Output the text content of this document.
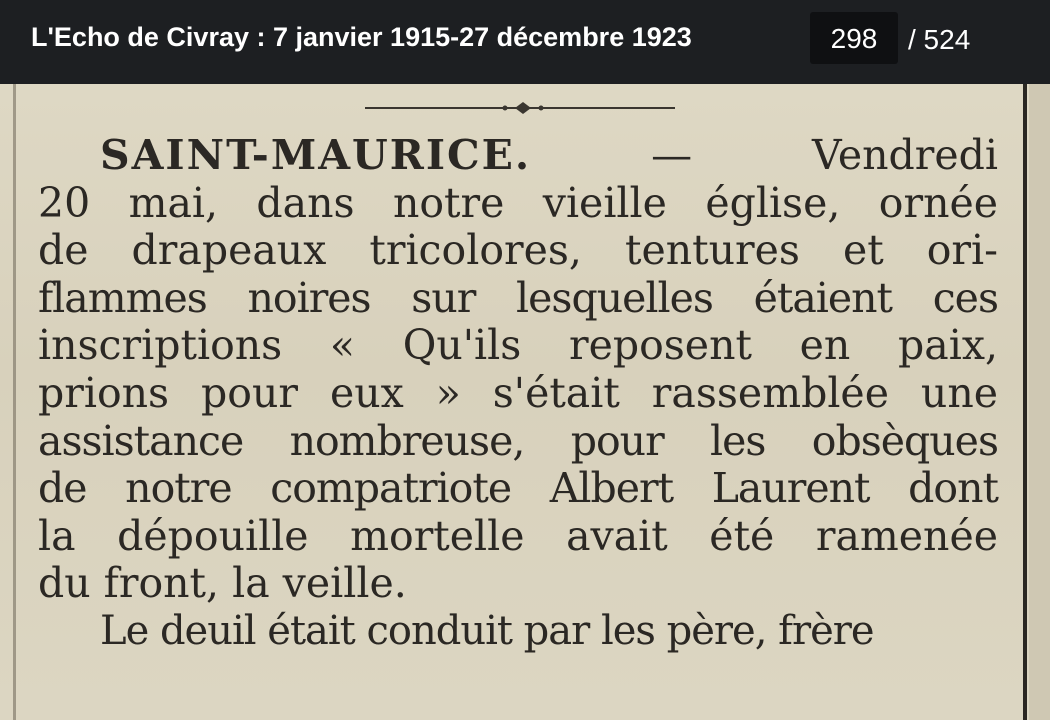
L'Echo de Civray : 7 janvier 1915-27 décembre 1923	298	/ 524
SAINT-MAURICE.	— Vendredi
20 mai, dans notre vieille église, ornée
de drapeaux tricolores, tentures et ori-
flammes noires sur lesquelles étaient ces
inscriptions « Qu'ils reposent en paix,
prions pour eux » s'était rassemblée une
assistance nombreuse, pour les obsèques
de notre compatriote Albert Laurent dont
la dépouille mortelle avait été ramenée
du front, la veille.
Le deuil était conduit par les père, frère
